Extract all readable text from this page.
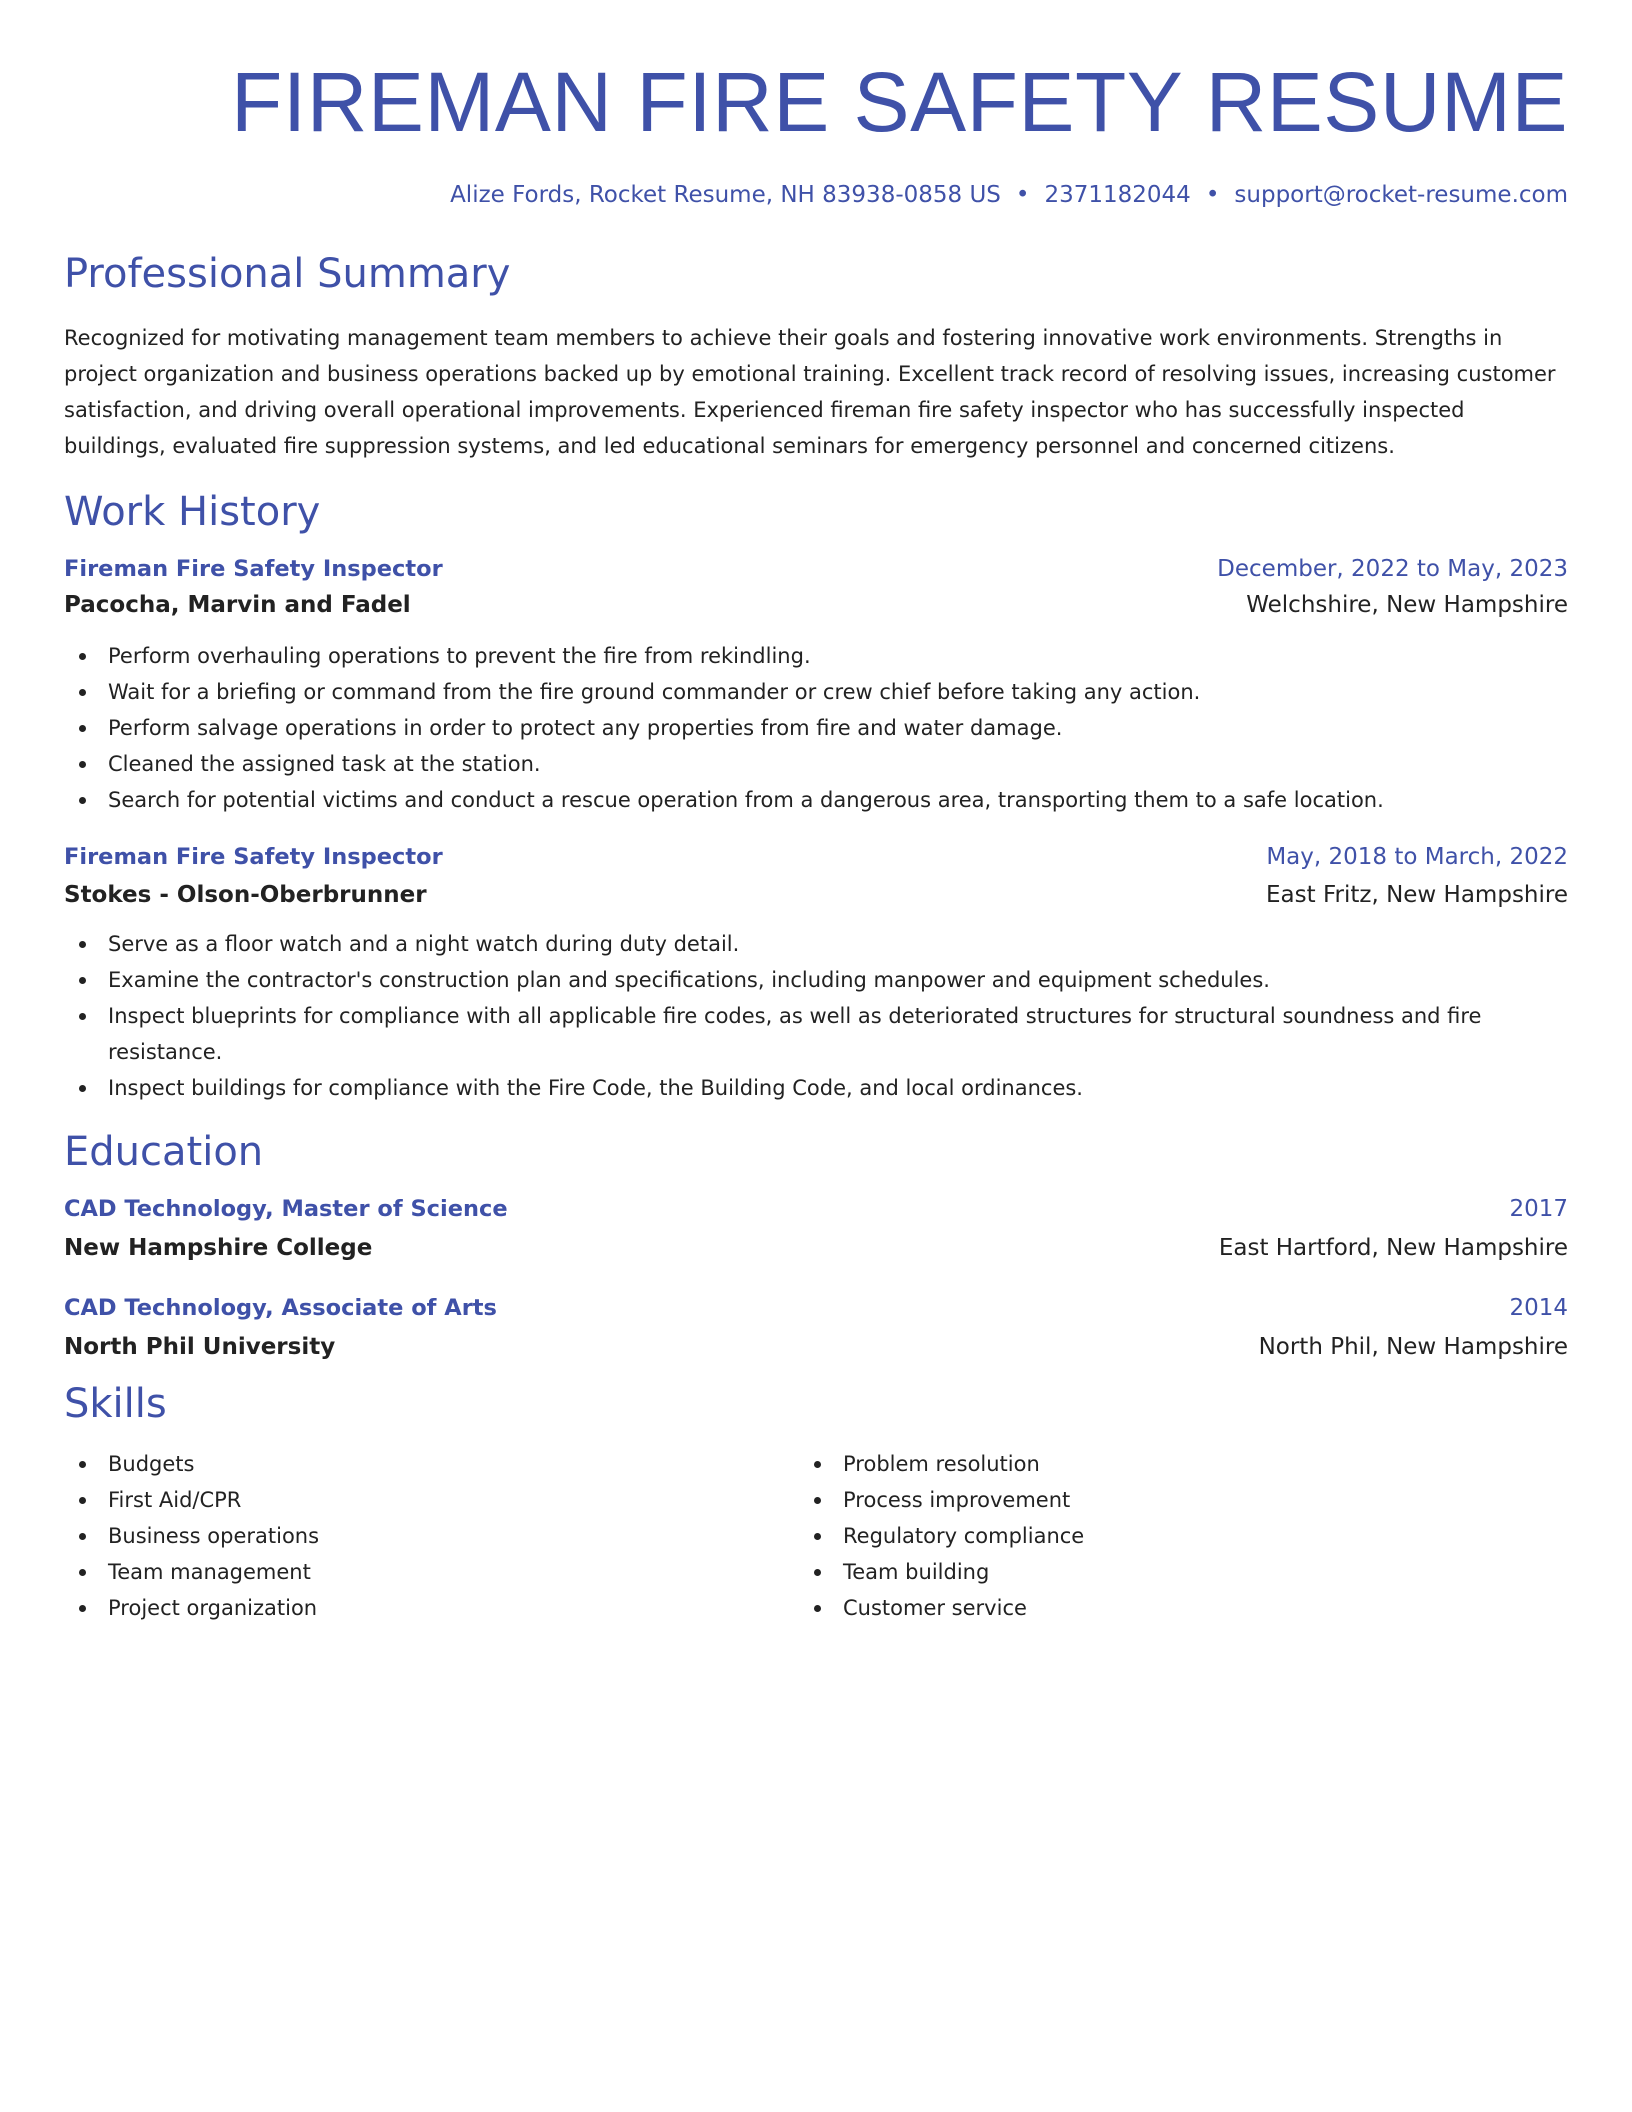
FIREMAN FIRE SAFETY RESUME
Alize Fords, Rocket Resume, NH 83938-0858 US • 2371182044 • support@rocket-resume.com
Professional Summary

Recognized for motivating management team members to achieve their goals and fostering innovative work environments. Strengths in project organization and business operations backed up by emotional training. Excellent track record of resolving issues, increasing customer satisfaction, and driving overall operational improvements. Experienced fireman fire safety inspector who has successfully inspected buildings, evaluated fire suppression systems, and led educational seminars for emergency personnel and concerned citizens.

Work History
Fireman Fire Safety Inspector	December, 2022 to May, 2023
Pacocha, Marvin and Fadel	Welchshire, New Hampshire
Perform overhauling operations to prevent the fire from rekindling.
Wait for a briefing or command from the fire ground commander or crew chief before taking any action.
Perform salvage operations in order to protect any properties from fire and water damage.
Cleaned the assigned task at the station.
Search for potential victims and conduct a rescue operation from a dangerous area, transporting them to a safe location.
Fireman Fire Safety Inspector	May, 2018 to March, 2022
Stokes - Olson-Oberbrunner	East Fritz, New Hampshire
Serve as a floor watch and a night watch during duty detail.
Examine the contractor's construction plan and specifications, including manpower and equipment schedules.
Inspect blueprints for compliance with all applicable fire codes, as well as deteriorated structures for structural soundness and fire resistance.
Inspect buildings for compliance with the Fire Code, the Building Code, and local ordinances.
Education
CAD Technology, Master of Science	2017
New Hampshire College	East Hartford, New Hampshire
CAD Technology, Associate of Arts	2014
North Phil University	North Phil, New Hampshire
Skills
Budgets
First Aid/CPR
Business operations
Team management
Project organization
Problem resolution
Process improvement
Regulatory compliance
Team building
Customer service
